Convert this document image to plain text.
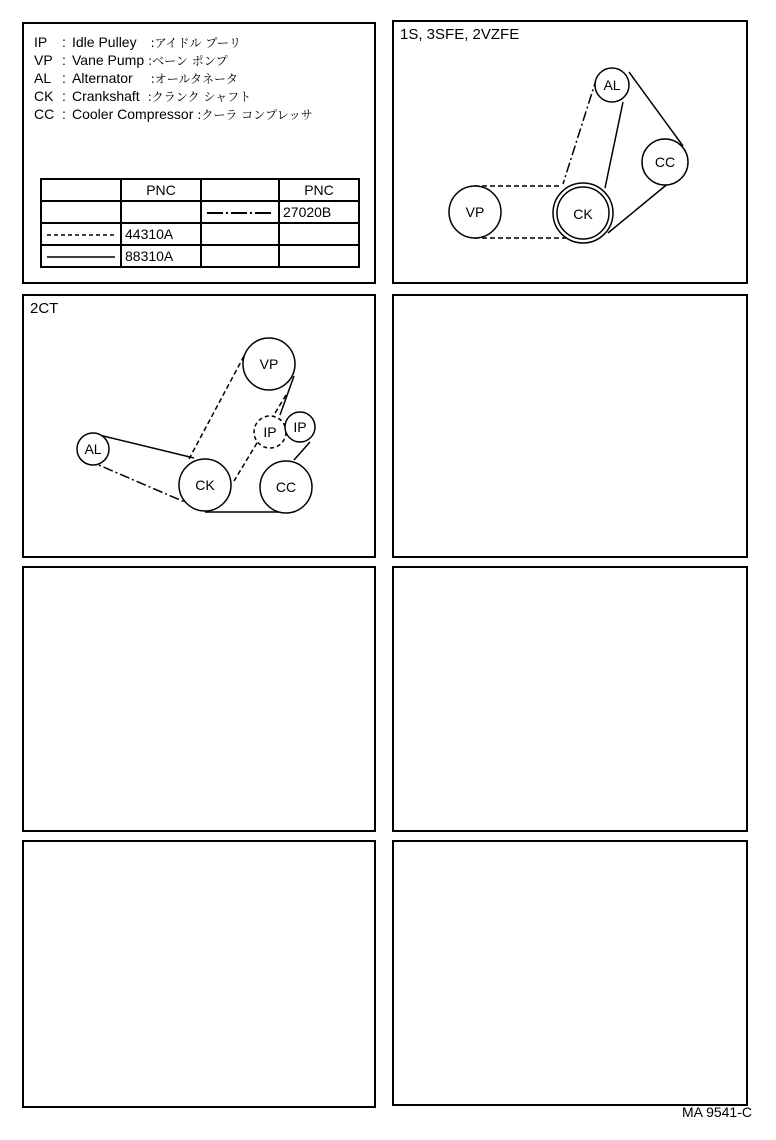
IP : Idle Pulley :アイドル プーリ
VP : Vane Pump :ベーン ポンプ
AL : Alternator :オールタネータ
CK : Crankshaft :クランク シャフト
CC : Cooler Compressor :クーラ コンプレッサ
	PNC		PNC
			27020B
	44310A		
	88310A		
1S, 3SFE, 2VZFE
AL
CC
VP	CK
2CT
VP
IP IP
AL
CK	CC
MA 9541-C
